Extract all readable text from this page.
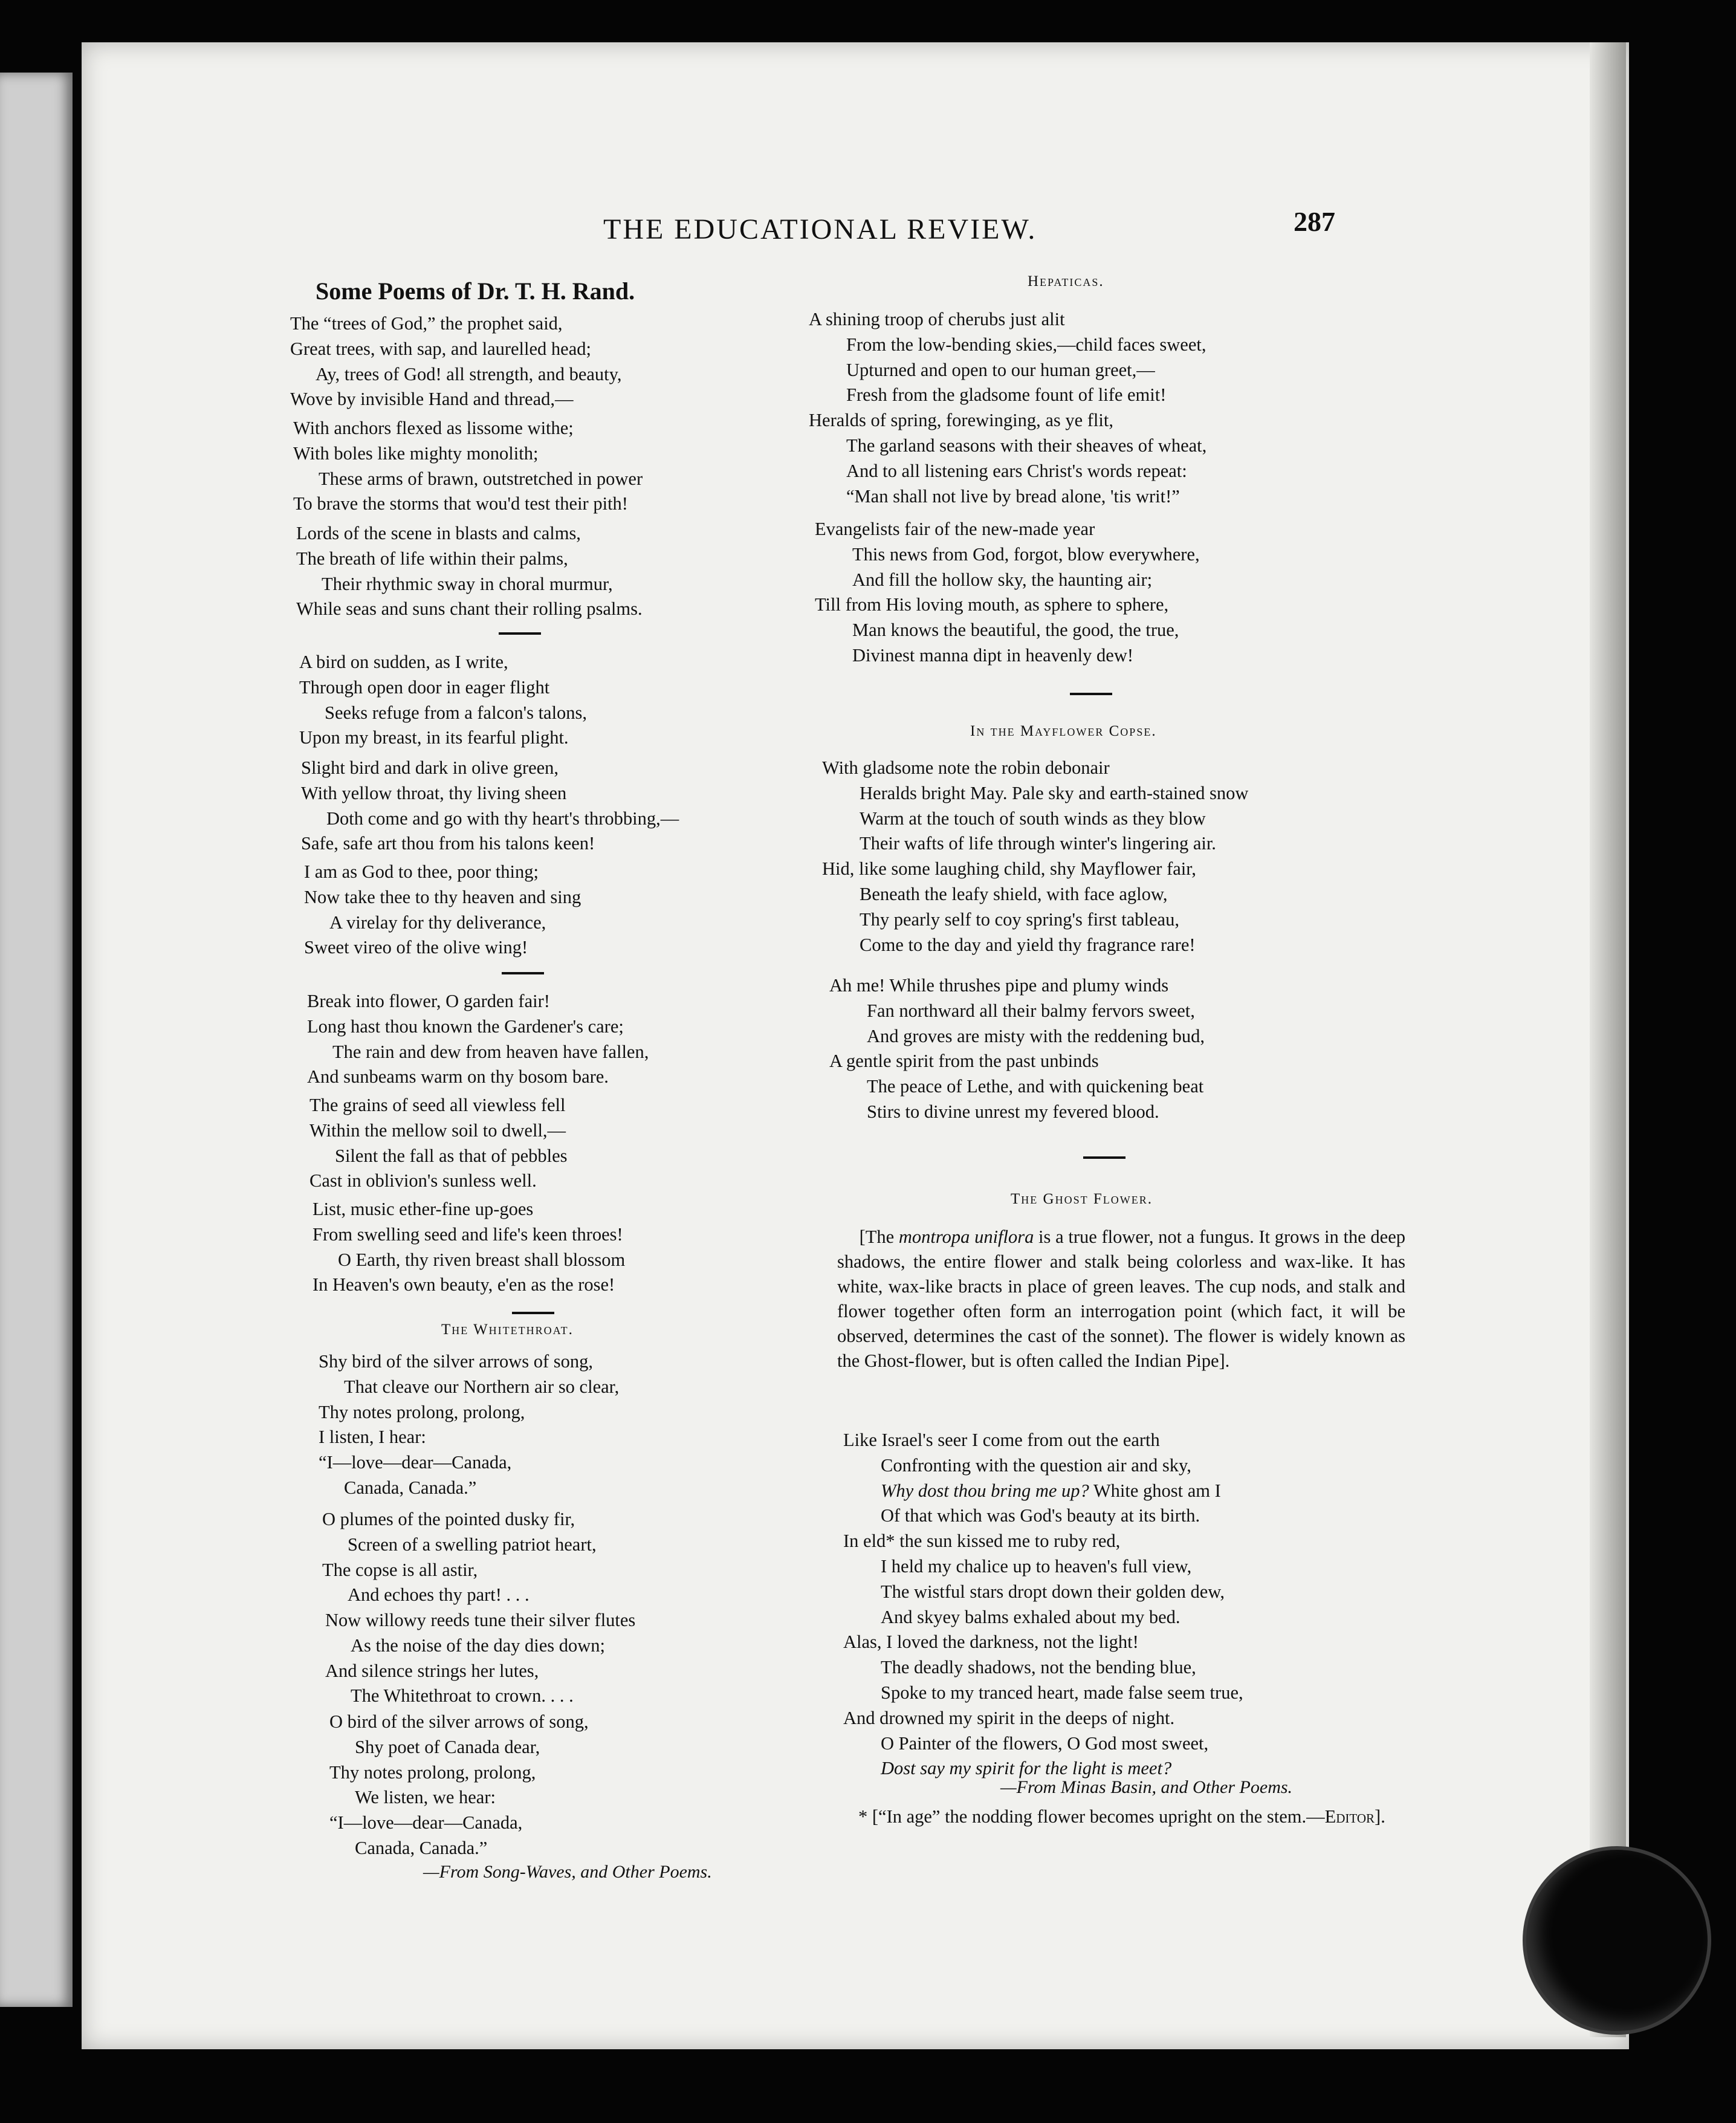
THE EDUCATIONAL REVIEW.	287
Some Poems of Dr. T. H. Rand.
The “trees of God,” the prophet said,
Great trees, with sap, and laurelled head;
Ay, trees of God! all strength, and beauty,
Wove by invisible Hand and thread,—
With anchors flexed as lissome withe;
With boles like mighty monolith;
These arms of brawn, outstretched in power
To brave the storms that wou'd test their pith!
Lords of the scene in blasts and calms,
The breath of life within their palms,
Their rhythmic sway in choral murmur,
While seas and suns chant their rolling psalms.
A bird on sudden, as I write,
Through open door in eager flight
Seeks refuge from a falcon's talons,
Upon my breast, in its fearful plight.
Slight bird and dark in olive green,
With yellow throat, thy living sheen
Doth come and go with thy heart's throbbing,—
Safe, safe art thou from his talons keen!
I am as God to thee, poor thing;
Now take thee to thy heaven and sing
A virelay for thy deliverance,
Sweet vireo of the olive wing!
Break into flower, O garden fair!
Long hast thou known the Gardener's care;
The rain and dew from heaven have fallen,
And sunbeams warm on thy bosom bare.
The grains of seed all viewless fell
Within the mellow soil to dwell,—
Silent the fall as that of pebbles
Cast in oblivion's sunless well.
List, music ether-fine up-goes
From swelling seed and life's keen throes!
O Earth, thy riven breast shall blossom
In Heaven's own beauty, e'en as the rose!
The Whitethroat.
Shy bird of the silver arrows of song,
That cleave our Northern air so clear,
Thy notes prolong, prolong,
I listen, I hear:
“I—love—dear—Canada,
Canada, Canada.”
O plumes of the pointed dusky fir,
Screen of a swelling patriot heart,
The copse is all astir,
And echoes thy part! . . .
Now willowy reeds tune their silver flutes
As the noise of the day dies down;
And silence strings her lutes,
The Whitethroat to crown. . . .
O bird of the silver arrows of song,
Shy poet of Canada dear,
Thy notes prolong, prolong,
We listen, we hear:
“I—love—dear—Canada,
Canada, Canada.”
—From Song-Waves, and Other Poems.
Hepaticas.
A shining troop of cherubs just alit
From the low-bending skies,—child faces sweet,
Upturned and open to our human greet,—
Fresh from the gladsome fount of life emit!
Heralds of spring, forewinging, as ye flit,
The garland seasons with their sheaves of wheat,
And to all listening ears Christ's words repeat:
“Man shall not live by bread alone, 'tis writ!”
Evangelists fair of the new-made year
This news from God, forgot, blow everywhere,
And fill the hollow sky, the haunting air;
Till from His loving mouth, as sphere to sphere,
Man knows the beautiful, the good, the true,
Divinest manna dipt in heavenly dew!
In the Mayflower Copse.
With gladsome note the robin debonair
Heralds bright May. Pale sky and earth-stained snow
Warm at the touch of south winds as they blow
Their wafts of life through winter's lingering air.
Hid, like some laughing child, shy Mayflower fair,
Beneath the leafy shield, with face aglow,
Thy pearly self to coy spring's first tableau,
Come to the day and yield thy fragrance rare!
Ah me! While thrushes pipe and plumy winds
Fan northward all their balmy fervors sweet,
And groves are misty with the reddening bud,
A gentle spirit from the past unbinds
The peace of Lethe, and with quickening beat
Stirs to divine unrest my fevered blood.
The Ghost Flower.
[The montropa uniflora is a true flower, not a fungus. It grows in the deep shadows, the entire flower and stalk being colorless and wax-like. It has white, wax-like bracts in place of green leaves. The cup nods, and stalk and flower together often form an interrogation point (which fact, it will be observed, determines the cast of the sonnet). The flower is widely known as the Ghost-flower, but is often called the Indian Pipe].
Like Israel's seer I come from out the earth
Confronting with the question air and sky,
Why dost thou bring me up? White ghost am I
Of that which was God's beauty at its birth.
In eld* the sun kissed me to ruby red,
I held my chalice up to heaven's full view,
The wistful stars dropt down their golden dew,
And skyey balms exhaled about my bed.
Alas, I loved the darkness, not the light!
The deadly shadows, not the bending blue,
Spoke to my tranced heart, made false seem true,
And drowned my spirit in the deeps of night.
O Painter of the flowers, O God most sweet,
Dost say my spirit for the light is meet?
—From Minas Basin, and Other Poems.
* [“In age” the nodding flower becomes upright on the stem.—Editor].
